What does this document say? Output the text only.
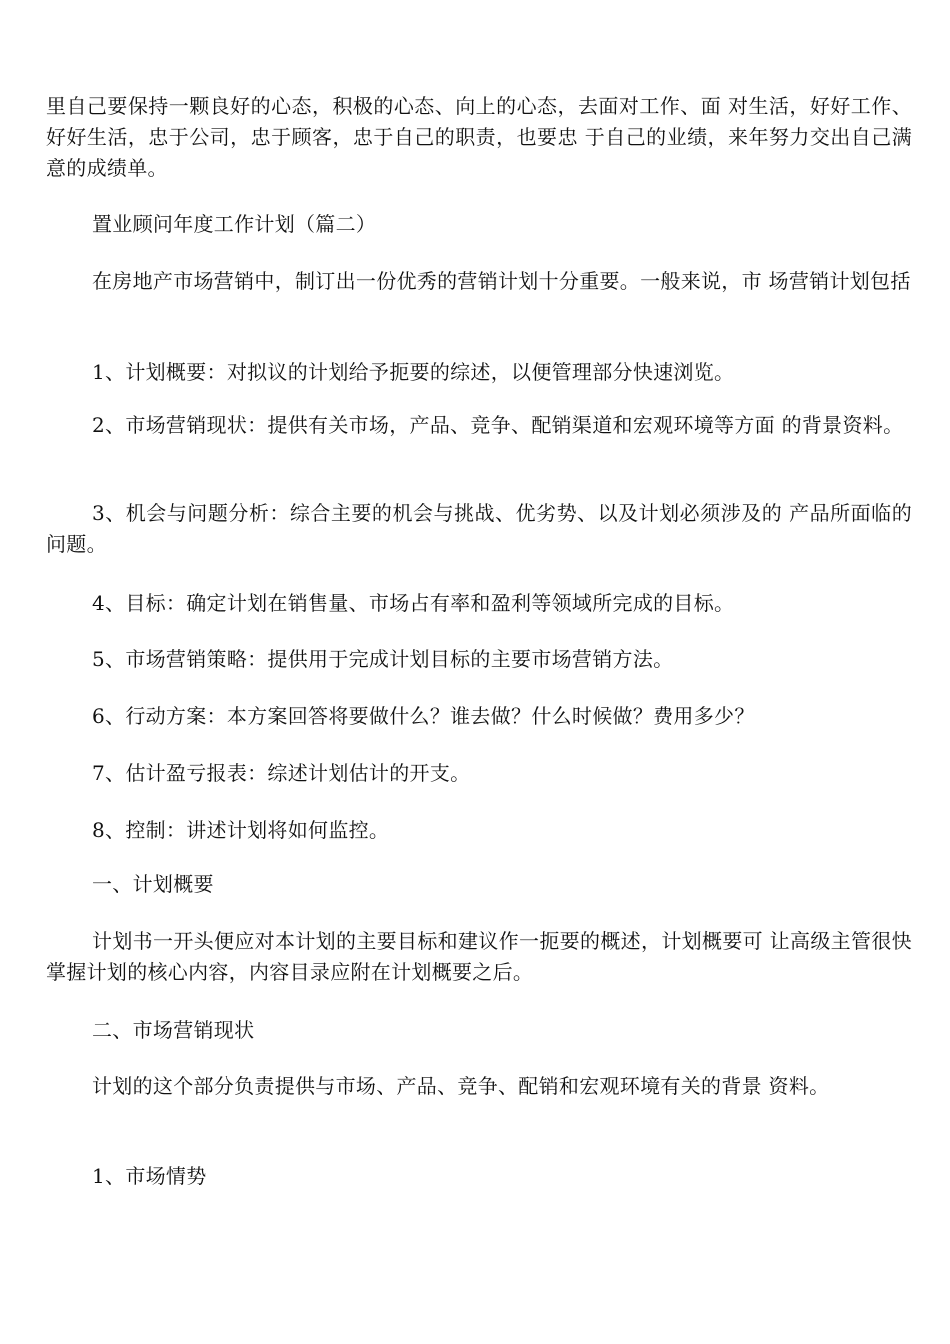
里自己要保持一颗良好的心态，积极的心态、向上的心态，去面对工作、面 对生活，好好工作、好好生活，忠于公司，忠于顾客，忠于自己的职责，也要忠 于自己的业绩，来年努力交出自己满意的成绩单。

置业顾问年度工作计划（篇二）

在房地产市场营销中，制订出一份优秀的营销计划十分重要。一般来说，市 场营销计划包括

1、计划概要：对拟议的计划给予扼要的综述，以便管理部分快速浏览。

2、市场营销现状：提供有关市场，产品、竞争、配销渠道和宏观环境等方面 的背景资料。

3、机会与问题分析：综合主要的机会与挑战、优劣势、以及计划必须涉及的 产品所面临的问题。

4、目标：确定计划在销售量、市场占有率和盈利等领域所完成的目标。

5、市场营销策略：提供用于完成计划目标的主要市场营销方法。

6、行动方案：本方案回答将要做什么？谁去做？什么时候做？费用多少？

7、估计盈亏报表：综述计划估计的开支。

8、控制：讲述计划将如何监控。

一、计划概要

计划书一开头便应对本计划的主要目标和建议作一扼要的概述，计划概要可 让高级主管很快掌握计划的核心内容，内容目录应附在计划概要之后。

二、市场营销现状

计划的这个部分负责提供与市场、产品、竞争、配销和宏观环境有关的背景 资料。

1、市场情势
